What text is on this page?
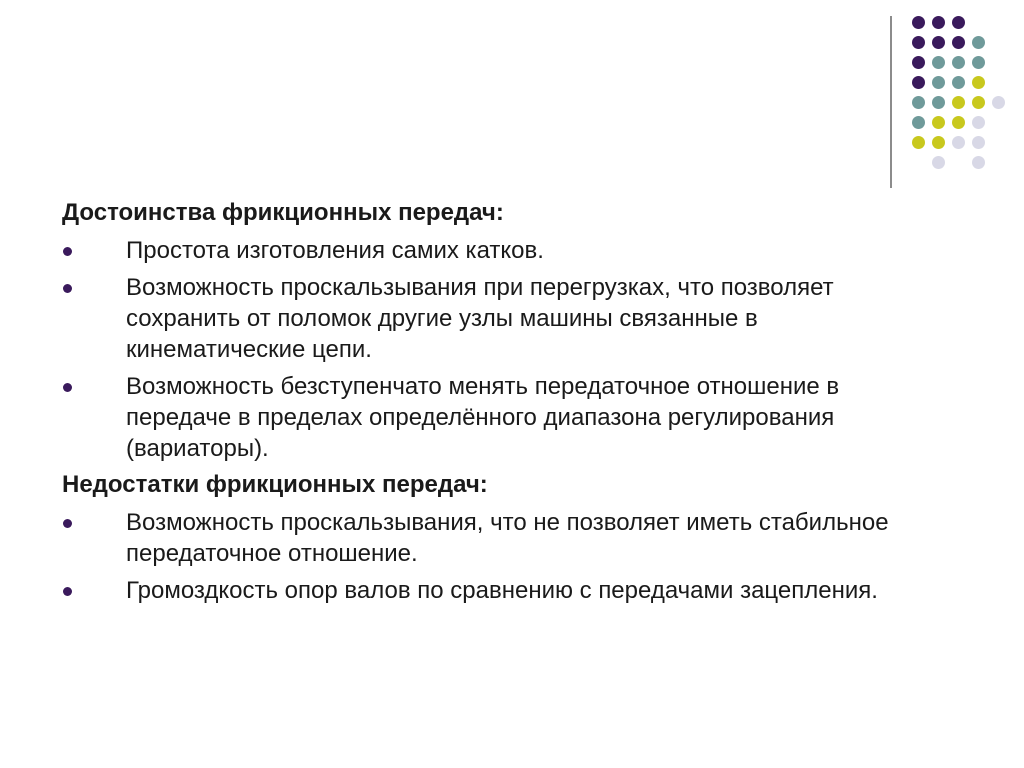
Достоинства фрикционных передач:

Простота изготовления самих катков.
Возможность проскальзывания при перегрузках, что позволяет сохранить от поломок другие узлы машины связанные в кинематические цепи.
Возможность безступенчато менять передаточное отношение в передаче в пределах определённого диапазона регулирования (вариаторы).

Недостатки фрикционных передач:

Возможность проскальзывания, что не позволяет иметь стабильное передаточное отношение.
Громоздкость опор валов по сравнению с передачами зацепления.
